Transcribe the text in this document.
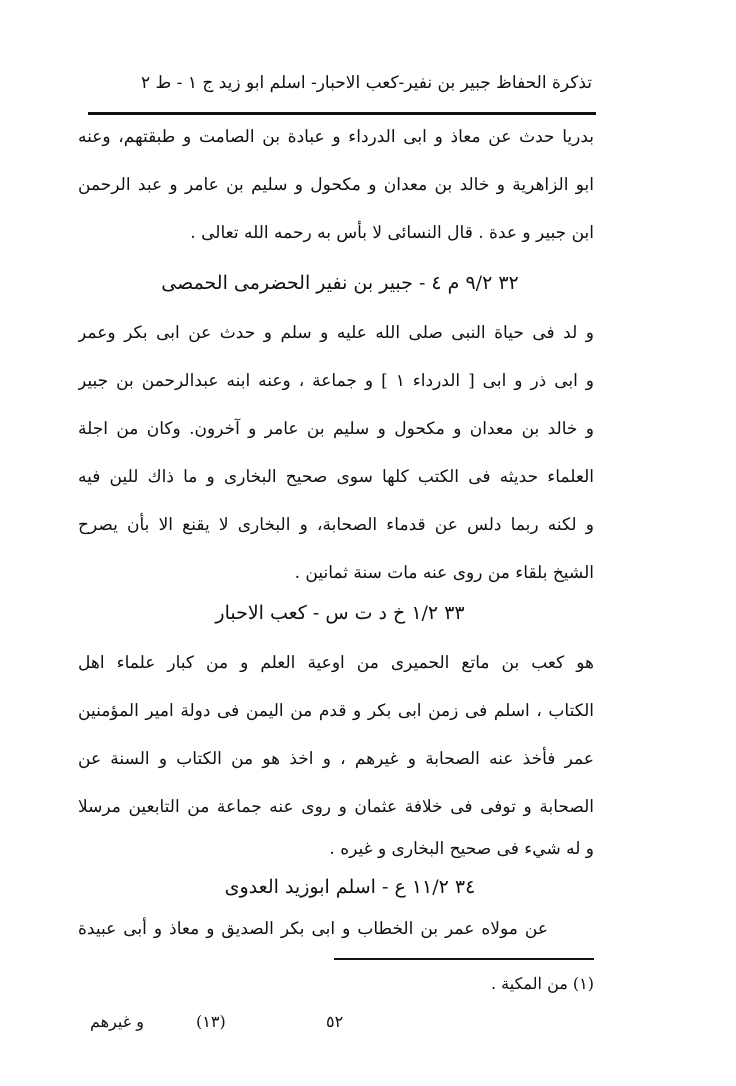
تذكرة الحفاظ جبير بن نفير-كعب الاحبار- اسلم ابو زيد ج ١ - ط ٢
بدريا حدث عن معاذ و ابى الدرداء و عبادة بن الصامت و طبقتهم، وعنه
ابو الزاهرية و خالد بن معدان و مكحول و سليم بن عامر و عبد الرحمن
ابن جبير و عدة . قال النسائى لا بأس به رحمه الله تعالى .
٣٢ ٩/٢ م ٤ - جبير بن نفير الحضرمى الحمصى
و لد فى حياة النبى صلى الله عليه و سلم و حدث عن ابى بكر وعمر
و ابى ذر و ابى [ الدرداء ١ ] و جماعة ، وعنه ابنه عبدالرحمن بن جبير
و خالد بن معدان و مكحول و سليم بن عامر و آخرون. وكان من اجلة
العلماء حديثه فى الكتب كلها سوى صحيح البخارى و ما ذاك للين فيه
و لكنه ربما دلس عن قدماء الصحابة، و البخارى لا يقنع الا بأن يصرح
الشيخ بلقاء من روى عنه مات سنة ثمانين .
٣٣ ١/٢ خ د ت س - كعب الاحبار
هو كعب بن ماتع الحميرى من اوعية العلم و من كبار علماء اهل
الكتاب ، اسلم فى زمن ابى بكر و قدم من اليمن فى دولة امير المؤمنين
عمر فأخذ عنه الصحابة و غيرهم ، و اخذ هو من الكتاب و السنة عن
الصحابة و توفى فى خلافة عثمان و روى عنه جماعة من التابعين مرسلا
و له شيء فى صحيح البخارى و غيره .
٣٤ ١١/٢ ع - اسلم ابوزيد العدوى
عن مولاه عمر بن الخطاب و ابى بكر الصديق و معاذ و أبى عبيدة
(١) من المكية .
٥٢
(١٣)
و غيرهم
